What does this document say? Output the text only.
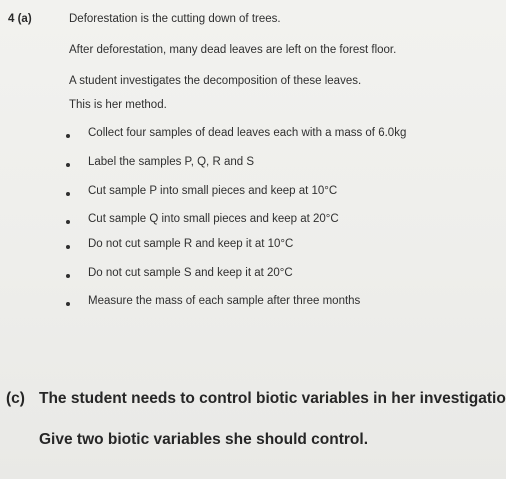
4 (a)	Deforestation is the cutting down of trees.
After deforestation, many dead leaves are left on the forest floor.
A student investigates the decomposition of these leaves.
This is her method.
Collect four samples of dead leaves each with a mass of 6.0kg
Label the samples P, Q, R and S
Cut sample P into small pieces and keep at 10°C
Cut sample Q into small pieces and keep at 20°C
Do not cut sample R and keep it at 10°C
Do not cut sample S and keep it at 20°C
Measure the mass of each sample after three months
(c) The student needs to control biotic variables in her investigatio
Give two biotic variables she should control.
